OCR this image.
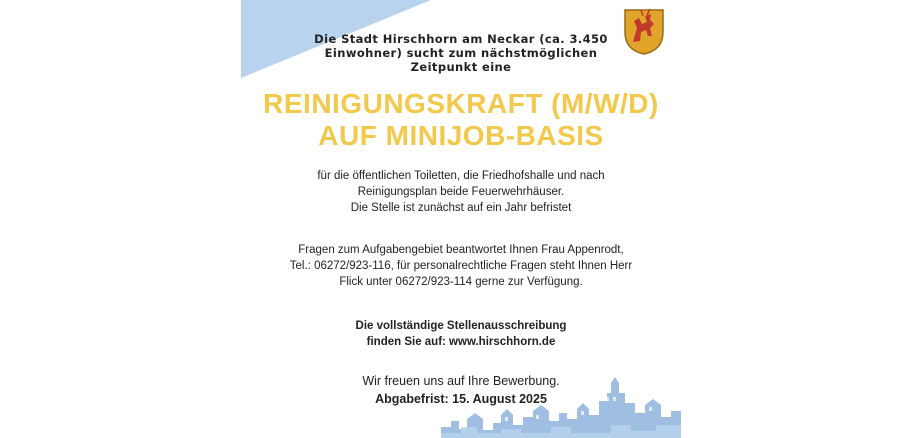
Die Stadt Hirschhorn am Neckar (ca. 3.450
Einwohner) sucht zum nächstmöglichen
Zeitpunkt eine
REINIGUNGSKRAFT (M/W/D)
AUF MINIJOB-BASIS
für die öffentlichen Toiletten, die Friedhofshalle und nach
Reinigungsplan beide Feuerwehrhäuser.
Die Stelle ist zunächst auf ein Jahr befristet
Fragen zum Aufgabengebiet beantwortet Ihnen Frau Appenrodt,
Tel.: 06272/923-116, für personalrechtliche Fragen steht Ihnen Herr
Flick unter 06272/923-114 gerne zur Verfügung.
Die vollständige Stellenausschreibung
finden Sie auf: www.hirschhorn.de
Wir freuen uns auf Ihre Bewerbung.
Abgabefrist: 15. August 2025
